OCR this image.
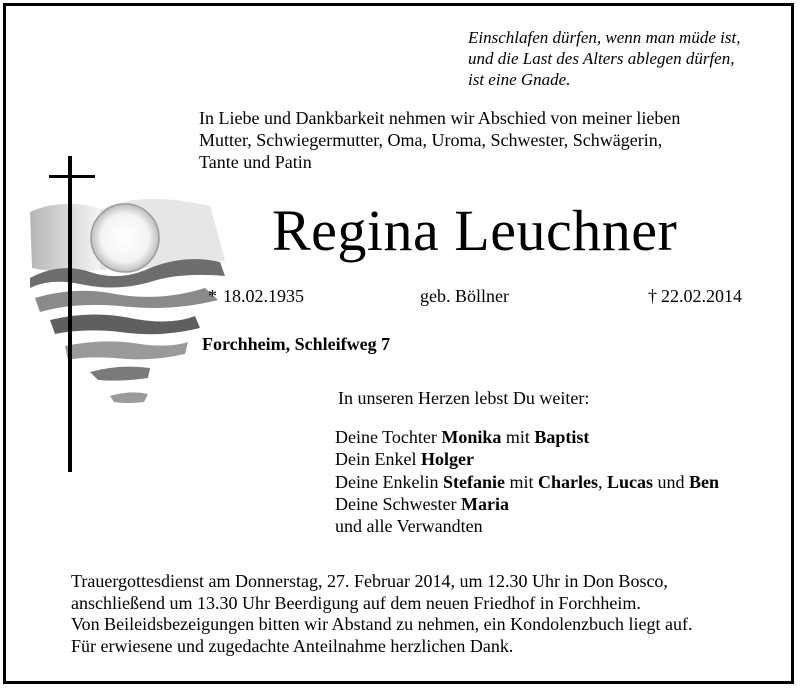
Einschlafen dürfen, wenn man müde ist,
und die Last des Alters ablegen dürfen,
ist eine Gnade.
In Liebe und Dankbarkeit nehmen wir Abschied von meiner lieben
Mutter, Schwiegermutter, Oma, Uroma, Schwester, Schwägerin,
Tante und Patin
Regina Leuchner
* 18.02.1935	geb. Böllner	† 22.02.2014
Forchheim, Schleifweg 7
In unseren Herzen lebst Du weiter:
Deine Tochter Monika mit Baptist
Dein Enkel Holger
Deine Enkelin Stefanie mit Charles, Lucas und Ben
Deine Schwester Maria
und alle Verwandten
Trauergottesdienst am Donnerstag, 27. Februar 2014, um 12.30 Uhr in Don Bosco,
anschließend um 13.30 Uhr Beerdigung auf dem neuen Friedhof in Forchheim.
Von Beileidsbezeigungen bitten wir Abstand zu nehmen, ein Kondolenzbuch liegt auf.
Für erwiesene und zugedachte Anteilnahme herzlichen Dank.
